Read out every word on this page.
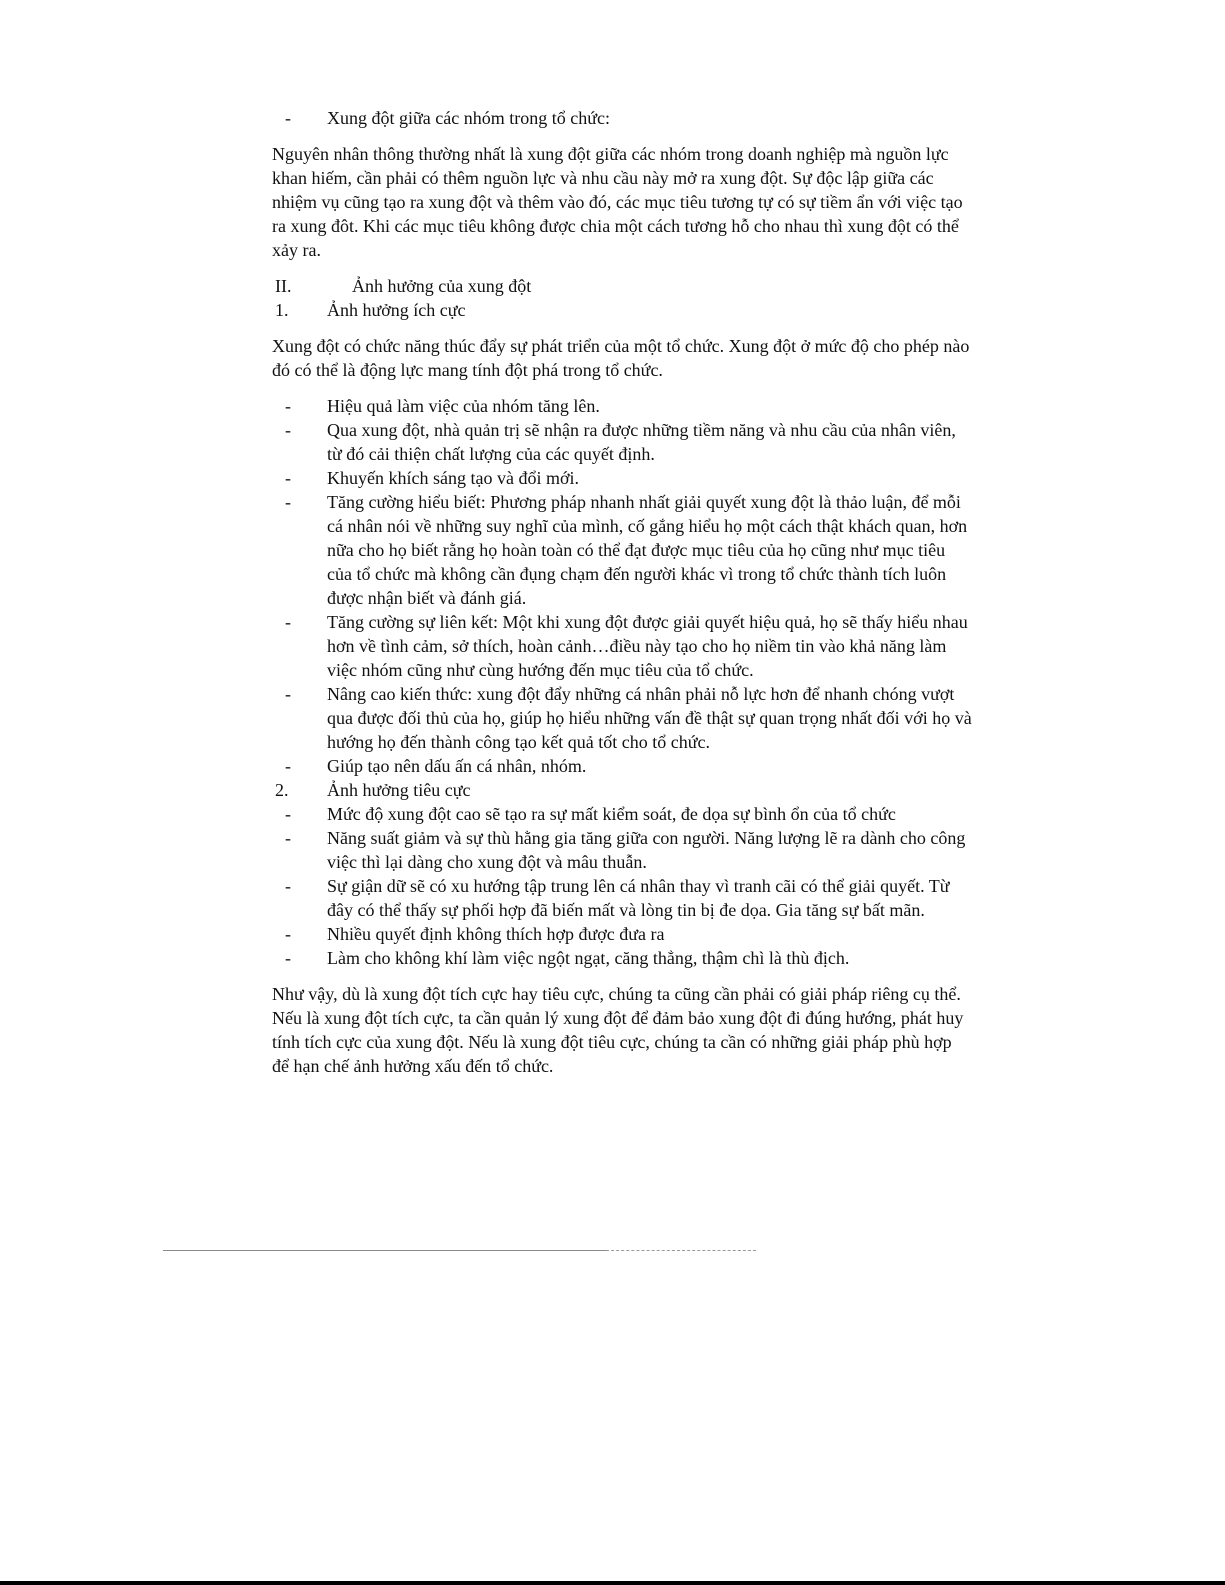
- Xung đột giữa các nhóm trong tổ chức:

Nguyên nhân thông thường nhất là xung đột giữa các nhóm trong doanh nghiệp mà nguồn lực khan hiếm, cần phải có thêm nguồn lực và nhu cầu này mở ra xung đột. Sự độc lập giữa các nhiệm vụ cũng tạo ra xung đột và thêm vào đó, các mục tiêu tương tự có sự tiềm ẩn với việc tạo ra xung đôt. Khi các mục tiêu không được chia một cách tương hỗ cho nhau thì xung đột có thể xảy ra.

II.	Ảnh hưởng của xung đột
1. Ảnh hưởng ích cực

Xung đột có chức năng thúc đẩy sự phát triển của một tổ chức. Xung đột ở mức độ cho phép nào đó có thể là động lực mang tính đột phá trong tổ chức.

- Hiệu quả làm việc của nhóm tăng lên.
- Qua xung đột, nhà quản trị sẽ nhận ra được những tiềm năng và nhu cầu của nhân viên, từ đó cải thiện chất lượng của các quyết định.
- Khuyến khích sáng tạo và đổi mới.
- Tăng cường hiểu biết: Phương pháp nhanh nhất giải quyết xung đột là thảo luận, để mỗi cá nhân nói về những suy nghĩ của mình, cố gắng hiểu họ một cách thật khách quan, hơn nữa cho họ biết rằng họ hoàn toàn có thể đạt được mục tiêu của họ cũng như mục tiêu của tổ chức mà không cần đụng chạm đến người khác vì trong tổ chức thành tích luôn được nhận biết và đánh giá.
- Tăng cường sự liên kết: Một khi xung đột được giải quyết hiệu quả, họ sẽ thấy hiểu nhau hơn về tình cảm, sở thích, hoàn cảnh…điều này tạo cho họ niềm tin vào khả năng làm việc nhóm cũng như cùng hướng đến mục tiêu của tổ chức.
- Nâng cao kiến thức: xung đột đẩy những cá nhân phải nỗ lực hơn để nhanh chóng vượt qua được đối thủ của họ, giúp họ hiểu những vấn đề thật sự quan trọng nhất đối với họ và hướng họ đến thành công tạo kết quả tốt cho tổ chức.
- Giúp tạo nên dấu ấn cá nhân, nhóm.
2. Ảnh hưởng tiêu cực
- Mức độ xung đột cao sẽ tạo ra sự mất kiểm soát, đe dọa sự bình ổn của tổ chức
- Năng suất giảm và sự thù hằng gia tăng giữa con người. Năng lượng lẽ ra dành cho công việc thì lại dàng cho xung đột và mâu thuẫn.
- Sự giận dữ sẽ có xu hướng tập trung lên cá nhân thay vì tranh cãi có thể giải quyết. Từ đây có thể thấy sự phối hợp đã biến mất và lòng tin bị đe dọa. Gia tăng sự bất mãn.
- Nhiều quyết định không thích hợp được đưa ra
- Làm cho không khí làm việc ngột ngạt, căng thẳng, thậm chì là thù địch.

Như vậy, dù là xung đột tích cực hay tiêu cực, chúng ta cũng cần phải có giải pháp riêng cụ thể. Nếu là xung đột tích cực, ta cần quản lý xung đột để đảm bảo xung đột đi đúng hướng, phát huy tính tích cực của xung đột. Nếu là xung đột tiêu cực, chúng ta cần có những giải pháp phù hợp để hạn chế ảnh hưởng xấu đến tổ chức.
